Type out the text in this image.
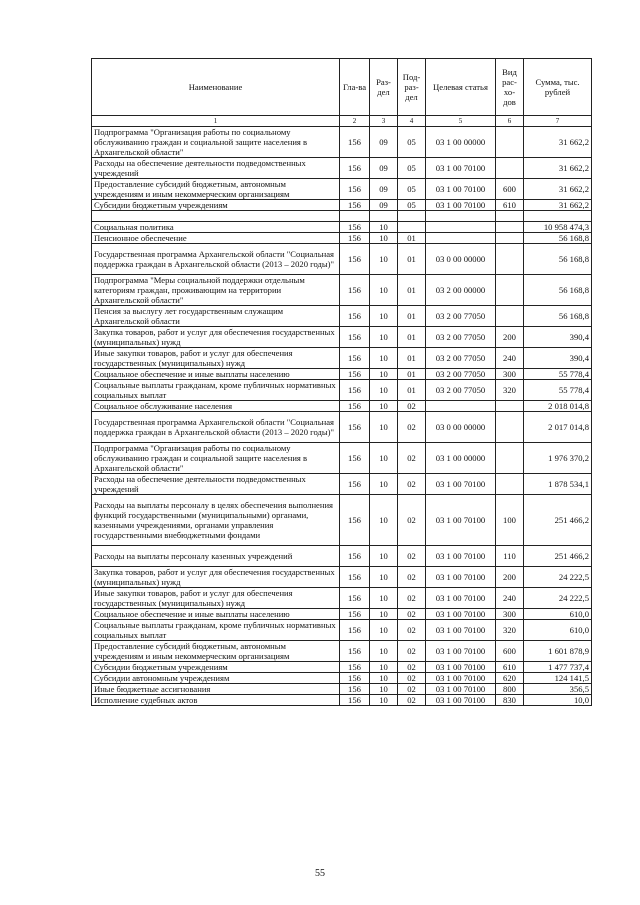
Наименование	Гла-ва	Раз-дел	Под-раз-дел	Целевая статья	Вид рас-хо-дов	Сумма, тыс. рублей
1	2	3	4	5	6	7
Подпрограмма "Организация работы по социальному обслуживанию граждан и социальной защите населения в Архангельской области"	156	09	05	03 1 00 00000		31 662,2
Расходы на обеспечение деятельности подведомственных учреждений	156	09	05	03 1 00 70100		31 662,2
Предоставление субсидий бюджетным, автономным учреждениям и иным некоммерческим организациям	156	09	05	03 1 00 70100	600	31 662,2
Субсидии бюджетным учреждениям	156	09	05	03 1 00 70100	610	31 662,2

Социальная политика	156	10				10 958 474,3
Пенсионное обеспечение	156	10	01			56 168,8
Государственная программа Архангельской области "Социальная поддержка граждан в Архангельской области (2013 – 2020 годы)"	156	10	01	03 0 00 00000		56 168,8
Подпрограмма "Меры социальной поддержки отдельным категориям граждан, проживающим на территории Архангельской области"	156	10	01	03 2 00 00000		56 168,8
Пенсия за выслугу лет государственным служащим Архангельской области	156	10	01	03 2 00 77050		56 168,8
Закупка товаров, работ и услуг для обеспечения государственных (муниципальных) нужд	156	10	01	03 2 00 77050	200	390,4
Иные закупки товаров, работ и услуг для обеспечения государственных (муниципальных) нужд	156	10	01	03 2 00 77050	240	390,4
Социальное обеспечение и иные выплаты населению	156	10	01	03 2 00 77050	300	55 778,4
Социальные выплаты гражданам, кроме публичных нормативных социальных выплат	156	10	01	03 2 00 77050	320	55 778,4
Социальное обслуживание населения	156	10	02			2 018 014,8
Государственная программа Архангельской области "Социальная поддержка граждан в Архангельской области (2013 – 2020 годы)"	156	10	02	03 0 00 00000		2 017 014,8
Подпрограмма "Организация работы по социальному обслуживанию граждан и социальной защите населения в Архангельской области"	156	10	02	03 1 00 00000		1 976 370,2
Расходы на обеспечение деятельности подведомственных учреждений	156	10	02	03 1 00 70100		1 878 534,1
Расходы на выплаты персоналу в целях обеспечения выполнения функций государственными (муниципальными) органами, казенными учреждениями, органами управления государственными внебюджетными фондами	156	10	02	03 1 00 70100	100	251 466,2
Расходы на выплаты персоналу казенных учреждений	156	10	02	03 1 00 70100	110	251 466,2
Закупка товаров, работ и услуг для обеспечения государственных (муниципальных) нужд	156	10	02	03 1 00 70100	200	24 222,5
Иные закупки товаров, работ и услуг для обеспечения государственных (муниципальных) нужд	156	10	02	03 1 00 70100	240	24 222,5
Социальное обеспечение и иные выплаты населению	156	10	02	03 1 00 70100	300	610,0
Социальные выплаты гражданам, кроме публичных нормативных социальных выплат	156	10	02	03 1 00 70100	320	610,0
Предоставление субсидий бюджетным, автономным учреждениям и иным некоммерческим организациям	156	10	02	03 1 00 70100	600	1 601 878,9
Субсидии бюджетным учреждениям	156	10	02	03 1 00 70100	610	1 477 737,4
Субсидии автономным учреждениям	156	10	02	03 1 00 70100	620	124 141,5
Иные бюджетные ассигнования	156	10	02	03 1 00 70100	800	356,5
Исполнение судебных актов	156	10	02	03 1 00 70100	830	10,0
55
